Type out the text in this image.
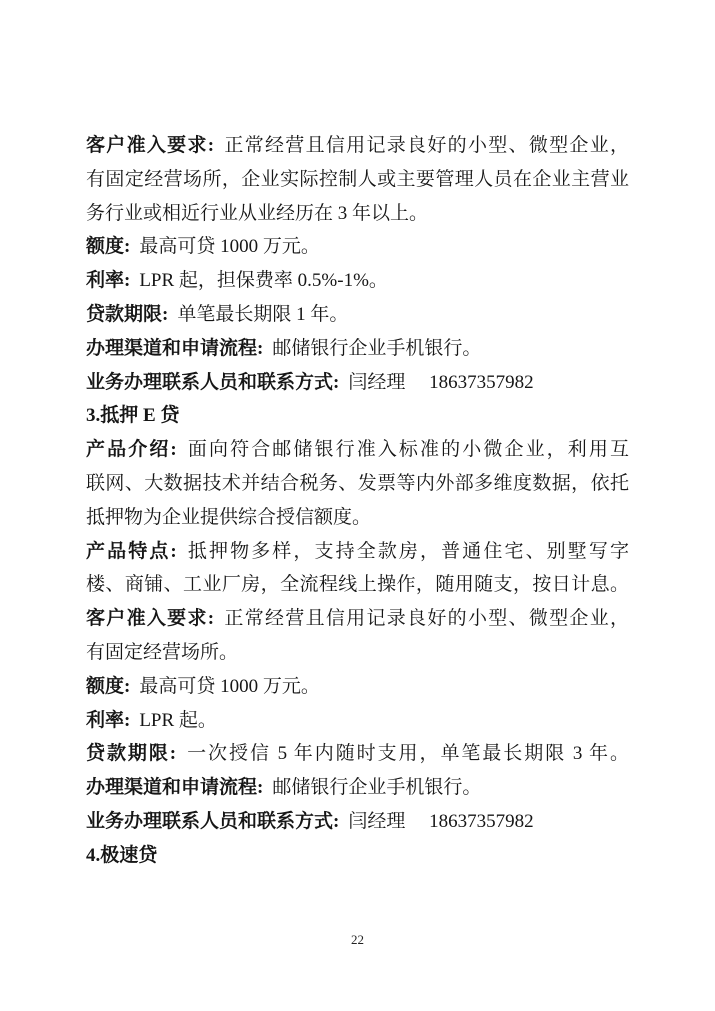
客户准入要求: 正常经营且信用记录良好的小型、微型企业，
有固定经营场所，企业实际控制人或主要管理人员在企业主营业
务行业或相近行业从业经历在 3 年以上。
额度: 最高可贷 1000 万元。
利率: LPR 起，担保费率 0.5%-1%。
贷款期限: 单笔最长期限 1 年。
办理渠道和申请流程: 邮储银行企业手机银行。
业务办理联系人员和联系方式: 闫经理　 18637357982
3.抵押 E 贷
产品介绍: 面向符合邮储银行准入标准的小微企业，利用互
联网、大数据技术并结合税务、发票等内外部多维度数据，依托
抵押物为企业提供综合授信额度。
产品特点: 抵押物多样，支持全款房，普通住宅、别墅写字
楼、商铺、工业厂房，全流程线上操作，随用随支，按日计息。
客户准入要求: 正常经营且信用记录良好的小型、微型企业，
有固定经营场所。
额度: 最高可贷 1000 万元。
利率: LPR 起。
贷款期限: 一次授信 5 年内随时支用，单笔最长期限 3 年。
办理渠道和申请流程: 邮储银行企业手机银行。
业务办理联系人员和联系方式: 闫经理　 18637357982
4.极速贷
22
